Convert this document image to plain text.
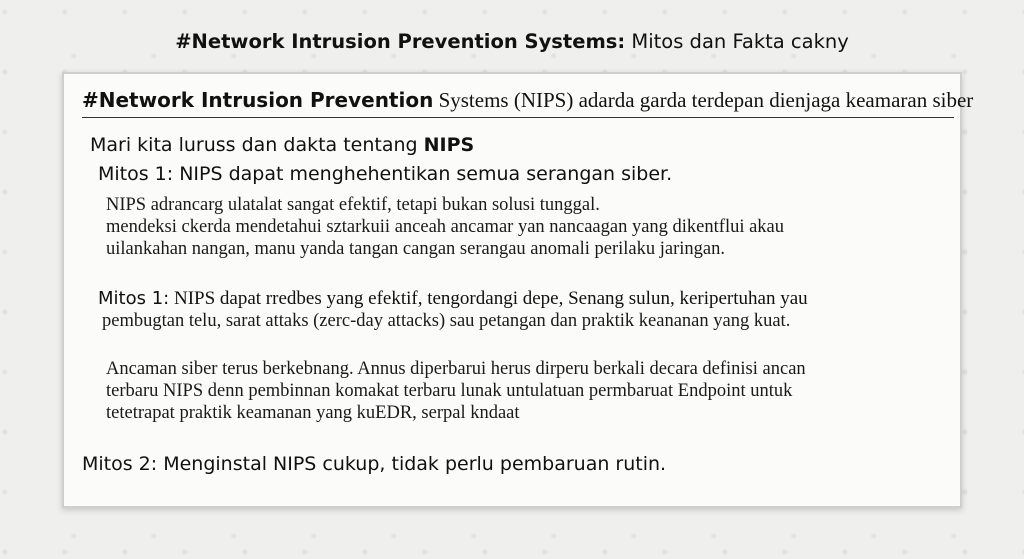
#Network Intrusion Prevention Systems: Mitos dan Fakta cakny
#Network Intrusion Prevention Systems (NIPS) adarda garda terdepan dienjaga keamaran siber
Mari kita luruss dan dakta tentang NIPS
Mitos 1: NIPS dapat menghehentikan semua serangan siber.
NIPS adrancarg ulatalat sangat efektif, tetapi bukan solusi tunggal.
mendeksi ckerda mendetahui sztarkuii anceah ancamar yan nancaagan yang dikentflui akau
uilankahan nangan, manu yanda tangan cangan serangau anomali perilaku jaringan.
Mitos 1: NIPS dapat rredbes yang efektif, tengordangi depe, Senang sulun, keripertuhan yau
pembugtan telu, sarat attaks (zerc-day attacks) sau petangan dan praktik keananan yang kuat.
Ancaman siber terus berkebnang. Annus diperbarui herus dirperu berkali decara definisi ancan
terbaru NIPS denn pembinnan komakat terbaru lunak untulatuan permbaruat Endpoint untuk
tetetrapat praktik keamanan yang kuEDR, serpal kndaat
Mitos 2: Menginstal NIPS cukup, tidak perlu pembaruan rutin.
